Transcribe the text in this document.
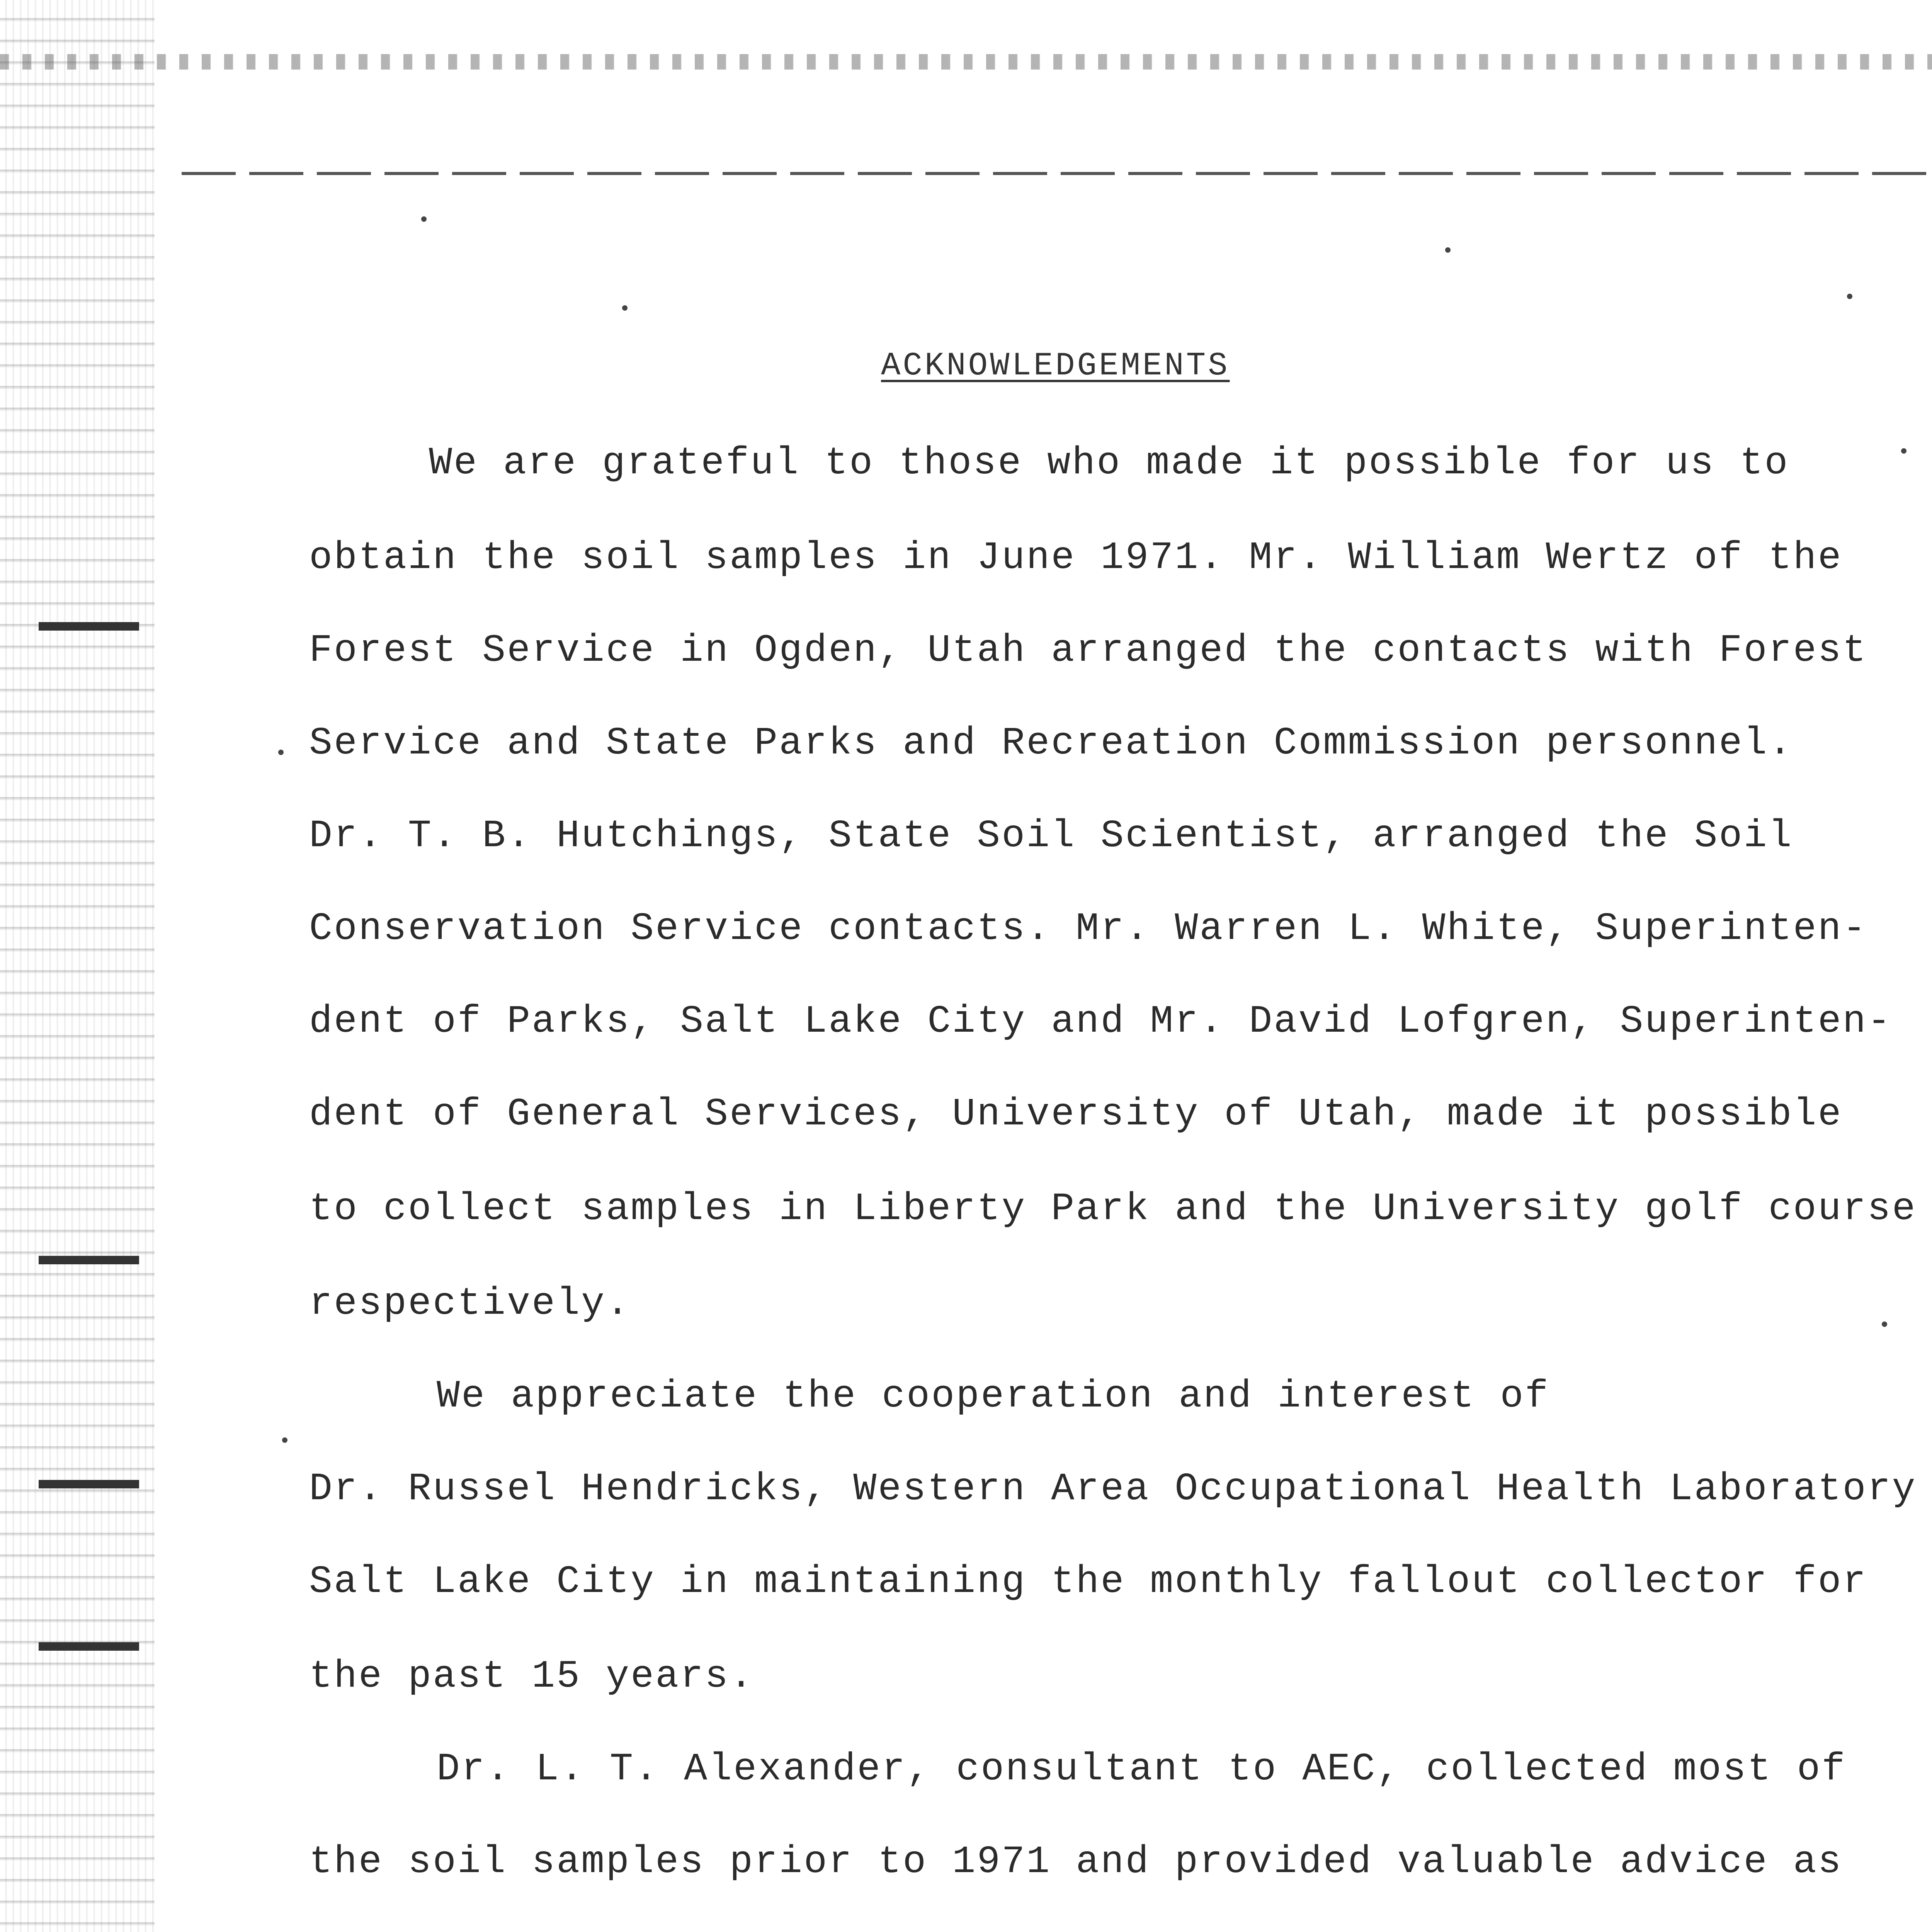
ACKNOWLEDGEMENTS
We are grateful to those who made it possible for us to
obtain the soil samples in June 1971. Mr. William Wertz of the
Forest Service in Ogden, Utah arranged the contacts with Forest
Service and State Parks and Recreation Commission personnel.
Dr. T. B. Hutchings, State Soil Scientist, arranged the Soil
Conservation Service contacts. Mr. Warren L. White, Superinten-
dent of Parks, Salt Lake City and Mr. David Lofgren, Superinten-
dent of General Services, University of Utah, made it possible
to collect samples in Liberty Park and the University golf course
respectively.
We appreciate the cooperation and interest of
Dr. Russel Hendricks, Western Area Occupational Health Laboratory
Salt Lake City in maintaining the monthly fallout collector for
the past 15 years.
Dr. L. T. Alexander, consultant to AEC, collected most of
the soil samples prior to 1971 and provided valuable advice as
